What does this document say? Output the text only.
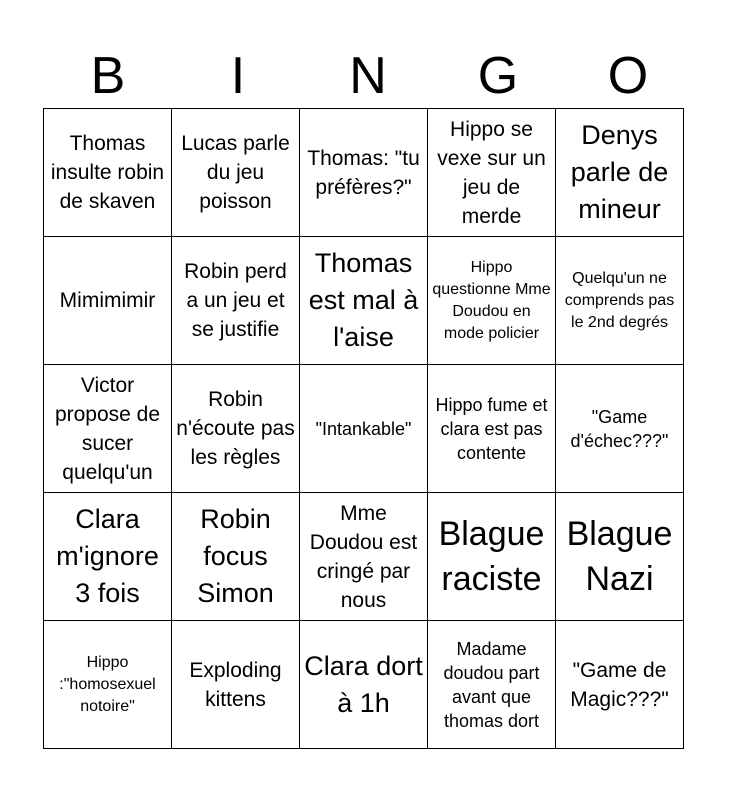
B	I	N	G	O
Thomas insulte robin de skaven	Lucas parle du jeu poisson	Thomas: "tu préfères?"	Hippo se vexe sur un jeu de merde	Denys parle de mineur
Mimimimir	Robin perd a un jeu et se justifie	Thomas est mal à l'aise	Hippo questionne Mme Doudou en mode policier	Quelqu'un ne comprends pas le 2nd degrés
Victor propose de sucer quelqu'un	Robin n'écoute pas les règles	"Intankable"	Hippo fume et clara est pas contente	"Game d'échec???"
Clara m'ignore 3 fois	Robin focus Simon	Mme Doudou est cringé par nous	Blague raciste	Blague Nazi
Hippo :"homosexuel notoire"	Exploding kittens	Clara dort à 1h	Madame doudou part avant que thomas dort	"Game de Magic???"
